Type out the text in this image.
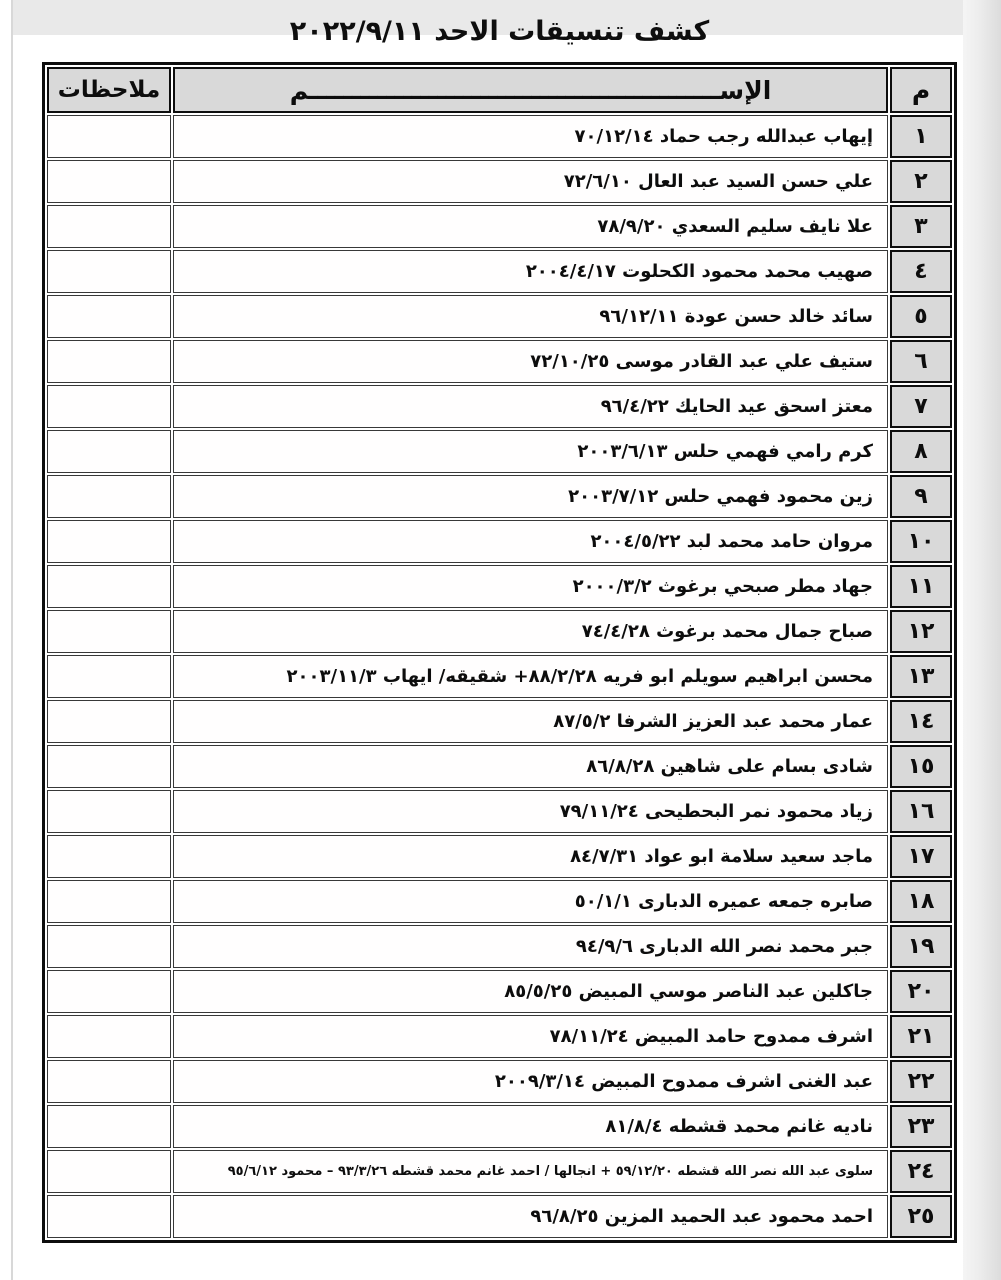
كشف تنسيقات الاحد ٢٠٢٢/٩/١١
م	الإســــــــــــــــــــــــــــــــــــــــــــــــم	ملاحظات
١	إيهاب عبدالله رجب حماد ٧٠/١٢/١٤	
٢	علي حسن السيد عبد العال ٧٢/٦/١٠	
٣	علا نايف سليم السعدي ٧٨/٩/٢٠	
٤	صهيب محمد محمود الكحلوت ٢٠٠٤/٤/١٧	
٥	سائد خالد حسن عودة ٩٦/١٢/١١	
٦	ستيف علي عبد القادر موسى ٧٢/١٠/٢٥	
٧	معتز اسحق عيد الحايك ٩٦/٤/٢٢	
٨	كرم رامي فهمي حلس ٢٠٠٣/٦/١٣	
٩	زين محمود فهمي حلس ٢٠٠٣/٧/١٢	
١٠	مروان حامد محمد لبد ٢٠٠٤/٥/٢٢	
١١	جهاد مطر صبحي برغوث ٢٠٠٠/٣/٢	
١٢	صباح جمال محمد برغوث ٧٤/٤/٢٨	
١٣	محسن ابراهيم سويلم ابو فريه ٨٨/٢/٢٨+ شقيقه/ ايهاب ٢٠٠٣/١١/٣	
١٤	عمار محمد عبد العزيز الشرفا ٨٧/٥/٢	
١٥	شادى بسام على شاهين ٨٦/٨/٢٨	
١٦	زياد محمود نمر البحطيحى ٧٩/١١/٢٤	
١٧	ماجد سعيد سلامة ابو عواد ٨٤/٧/٣١	
١٨	صابره جمعه عميره الدبارى ٥٠/١/١	
١٩	جبر محمد نصر الله الدبارى ٩٤/٩/٦	
٢٠	جاكلين عبد الناصر موسي المبيض ٨٥/٥/٢٥	
٢١	اشرف ممدوح حامد المبيض ٧٨/١١/٢٤	
٢٢	عبد الغنى اشرف ممدوح المبيض ٢٠٠٩/٣/١٤	
٢٣	ناديه غانم محمد قشطه ٨١/٨/٤	
٢٤	سلوى عبد الله نصر الله قشطه ٥٩/١٢/٢٠ + انجالها / احمد غانم محمد قشطه ٩٣/٣/٢٦ – محمود ٩٥/٦/١٢	
٢٥	احمد محمود عبد الحميد المزين ٩٦/٨/٢٥	
